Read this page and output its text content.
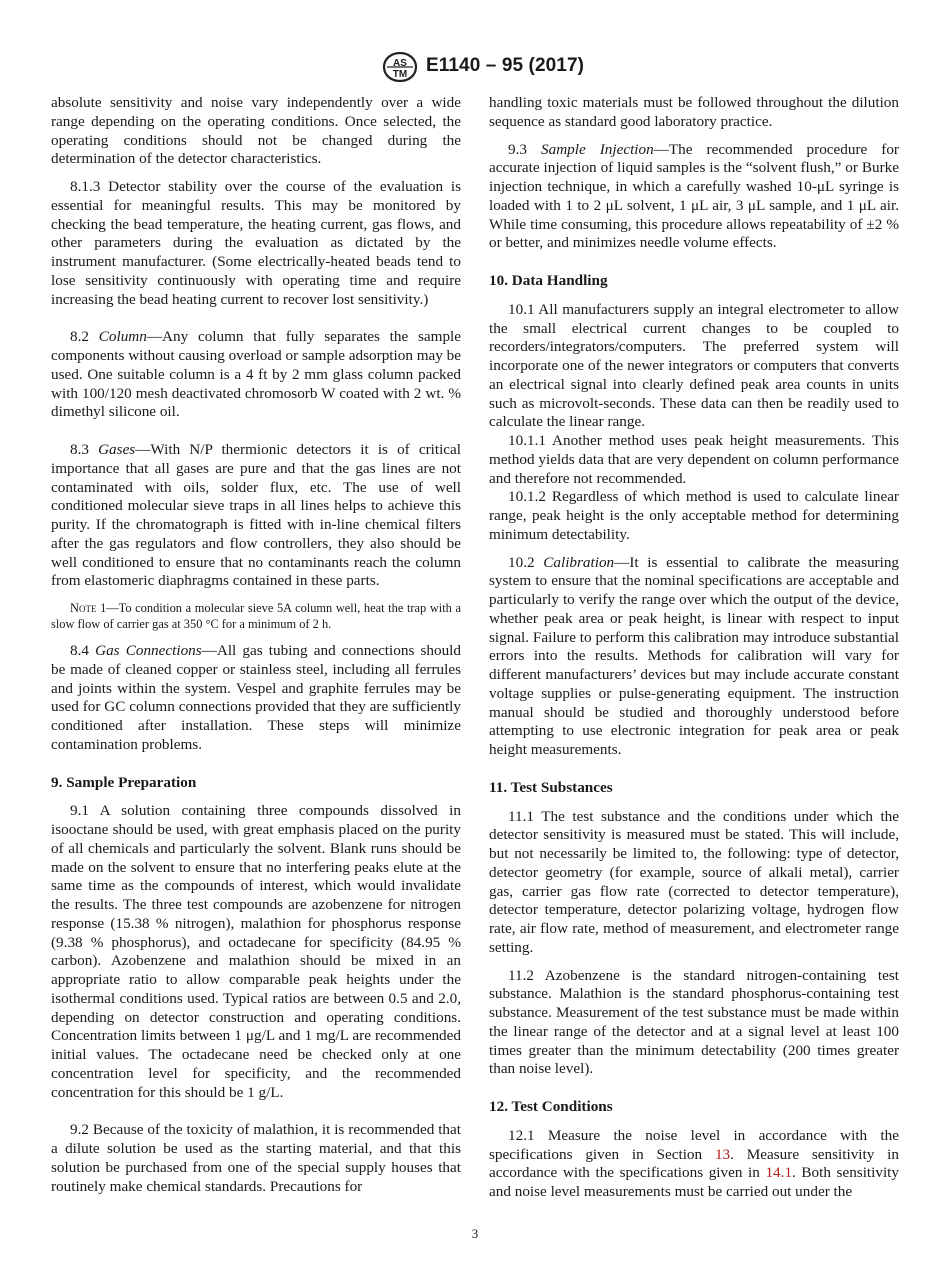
AS
TM E1140 – 95 (2017)

absolute sensitivity and noise vary independently over a wide range depending on the operating conditions. Once selected, the operating conditions should not be changed during the determination of the detector characteristics.

8.1.3 Detector stability over the course of the evaluation is essential for meaningful results. This may be monitored by checking the bead temperature, the heating current, gas flows, and other parameters during the evaluation as dictated by the instrument manufacturer. (Some electrically-heated beads tend to lose sensitivity continuously with operating time and require increasing the bead heating current to recover lost sensitivity.)

8.2 Column—Any column that fully separates the sample components without causing overload or sample adsorption may be used. One suitable column is a 4 ft by 2 mm glass column packed with 100/120 mesh deactivated chromosorb W coated with 2 wt. % dimethyl silicone oil.

8.3 Gases—With N/P thermionic detectors it is of critical importance that all gases are pure and that the gas lines are not contaminated with oils, solder flux, etc. The use of well conditioned molecular sieve traps in all lines helps to achieve this purity. If the chromatograph is fitted with in-line chemical filters after the gas regulators and flow controllers, they also should be well conditioned to ensure that no contaminants reach the column from elastomeric diaphragms contained in these parts.

Note 1—To condition a molecular sieve 5A column well, heat the trap with a slow flow of carrier gas at 350 °C for a minimum of 2 h.

8.4 Gas Connections—All gas tubing and connections should be made of cleaned copper or stainless steel, including all ferrules and joints within the system. Vespel and graphite ferrules may be used for GC column connections provided that they are sufficiently conditioned after installation. These steps will minimize contamination problems.

9. Sample Preparation

9.1 A solution containing three compounds dissolved in isooctane should be used, with great emphasis placed on the purity of all chemicals and particularly the solvent. Blank runs should be made on the solvent to ensure that no interfering peaks elute at the same time as the compounds of interest, which would invalidate the results. The three test compounds are azobenzene for nitrogen response (15.38 % nitrogen), malathion for phosphorus response (9.38 % phosphorus), and octadecane for specificity (84.95 % carbon). Azobenzene and malathion should be mixed in an appropriate ratio to allow comparable peak heights under the isothermal conditions used. Typical ratios are between 0.5 and 2.0, depending on detector construction and operating conditions. Concentration limits between 1 μg/L and 1 mg/L are recommended initial values. The octadecane need be checked only at one concentration level for specificity, and the recommended concentration for this should be 1 g/L.

9.2 Because of the toxicity of malathion, it is recommended that a dilute solution be used as the starting material, and that this solution be purchased from one of the special supply houses that routinely make chemical standards. Precautions for

handling toxic materials must be followed throughout the dilution sequence as standard good laboratory practice.

9.3 Sample Injection—The recommended procedure for accurate injection of liquid samples is the “solvent flush,” or Burke injection technique, in which a carefully washed 10-μL syringe is loaded with 1 to 2 μL solvent, 1 μL air, 3 μL sample, and 1 μL air. While time consuming, this procedure allows repeatability of ±2 % or better, and minimizes needle volume effects.

10. Data Handling

10.1 All manufacturers supply an integral electrometer to allow the small electrical current changes to be coupled to recorders/integrators/computers. The preferred system will incorporate one of the newer integrators or computers that converts an electrical signal into clearly defined peak area counts in units such as microvolt-seconds. These data can then be readily used to calculate the linear range.

10.1.1 Another method uses peak height measurements. This method yields data that are very dependent on column performance and therefore not recommended.

10.1.2 Regardless of which method is used to calculate linear range, peak height is the only acceptable method for determining minimum detectability.

10.2 Calibration—It is essential to calibrate the measuring system to ensure that the nominal specifications are acceptable and particularly to verify the range over which the output of the device, whether peak area or peak height, is linear with respect to input signal. Failure to perform this calibration may introduce substantial errors into the results. Methods for calibration will vary for different manufacturers’ devices but may include accurate constant voltage supplies or pulse-generating equipment. The instruction manual should be studied and thoroughly understood before attempting to use electronic integration for peak area or peak height measurements.

11. Test Substances

11.1 The test substance and the conditions under which the detector sensitivity is measured must be stated. This will include, but not necessarily be limited to, the following: type of detector, detector geometry (for example, source of alkali metal), carrier gas, carrier gas flow rate (corrected to detector temperature), detector temperature, detector polarizing voltage, hydrogen flow rate, air flow rate, method of measurement, and electrometer range setting.

11.2 Azobenzene is the standard nitrogen-containing test substance. Malathion is the standard phosphorus-containing test substance. Measurement of the test substance must be made within the linear range of the detector and at a signal level at least 100 times greater than the minimum detectability (200 times greater than noise level).

12. Test Conditions

12.1 Measure the noise level in accordance with the specifications given in Section 13. Measure sensitivity in accordance with the specifications given in 14.1. Both sensitivity and noise level measurements must be carried out under the

3
